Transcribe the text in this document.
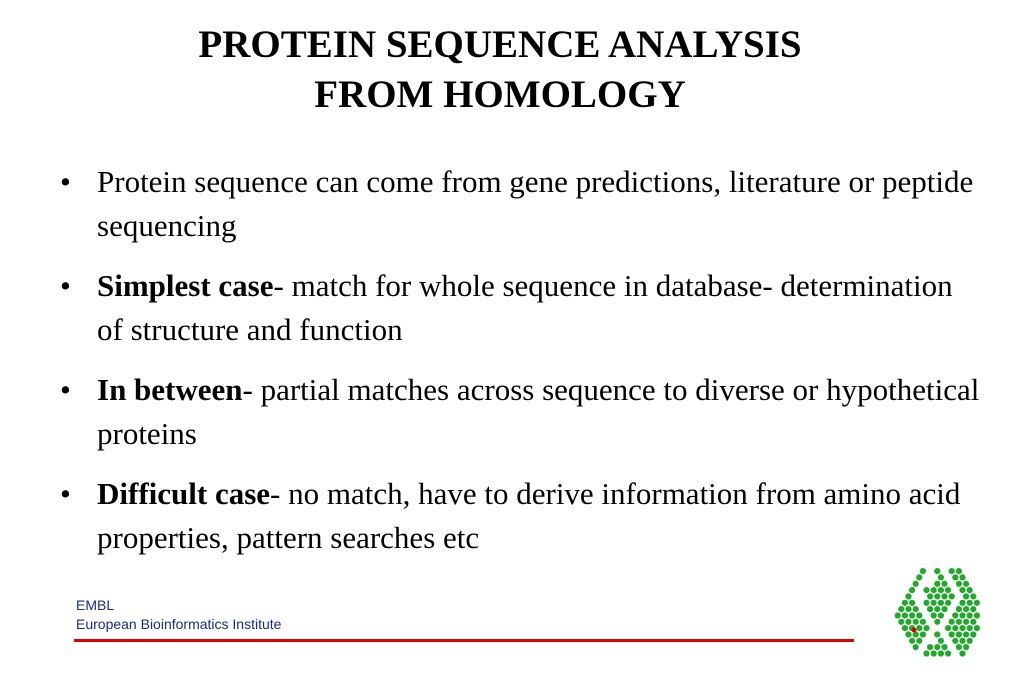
PROTEIN SEQUENCE ANALYSIS
FROM HOMOLOGY
• Protein sequence can come from gene predictions, literature or peptide sequencing
• Simplest case- match for whole sequence in database- determination of structure and function
• In between- partial matches across sequence to diverse or hypothetical proteins
• Difficult case- no match, have to derive information from amino acid properties, pattern searches etc
EMBL
European Bioinformatics Institute
